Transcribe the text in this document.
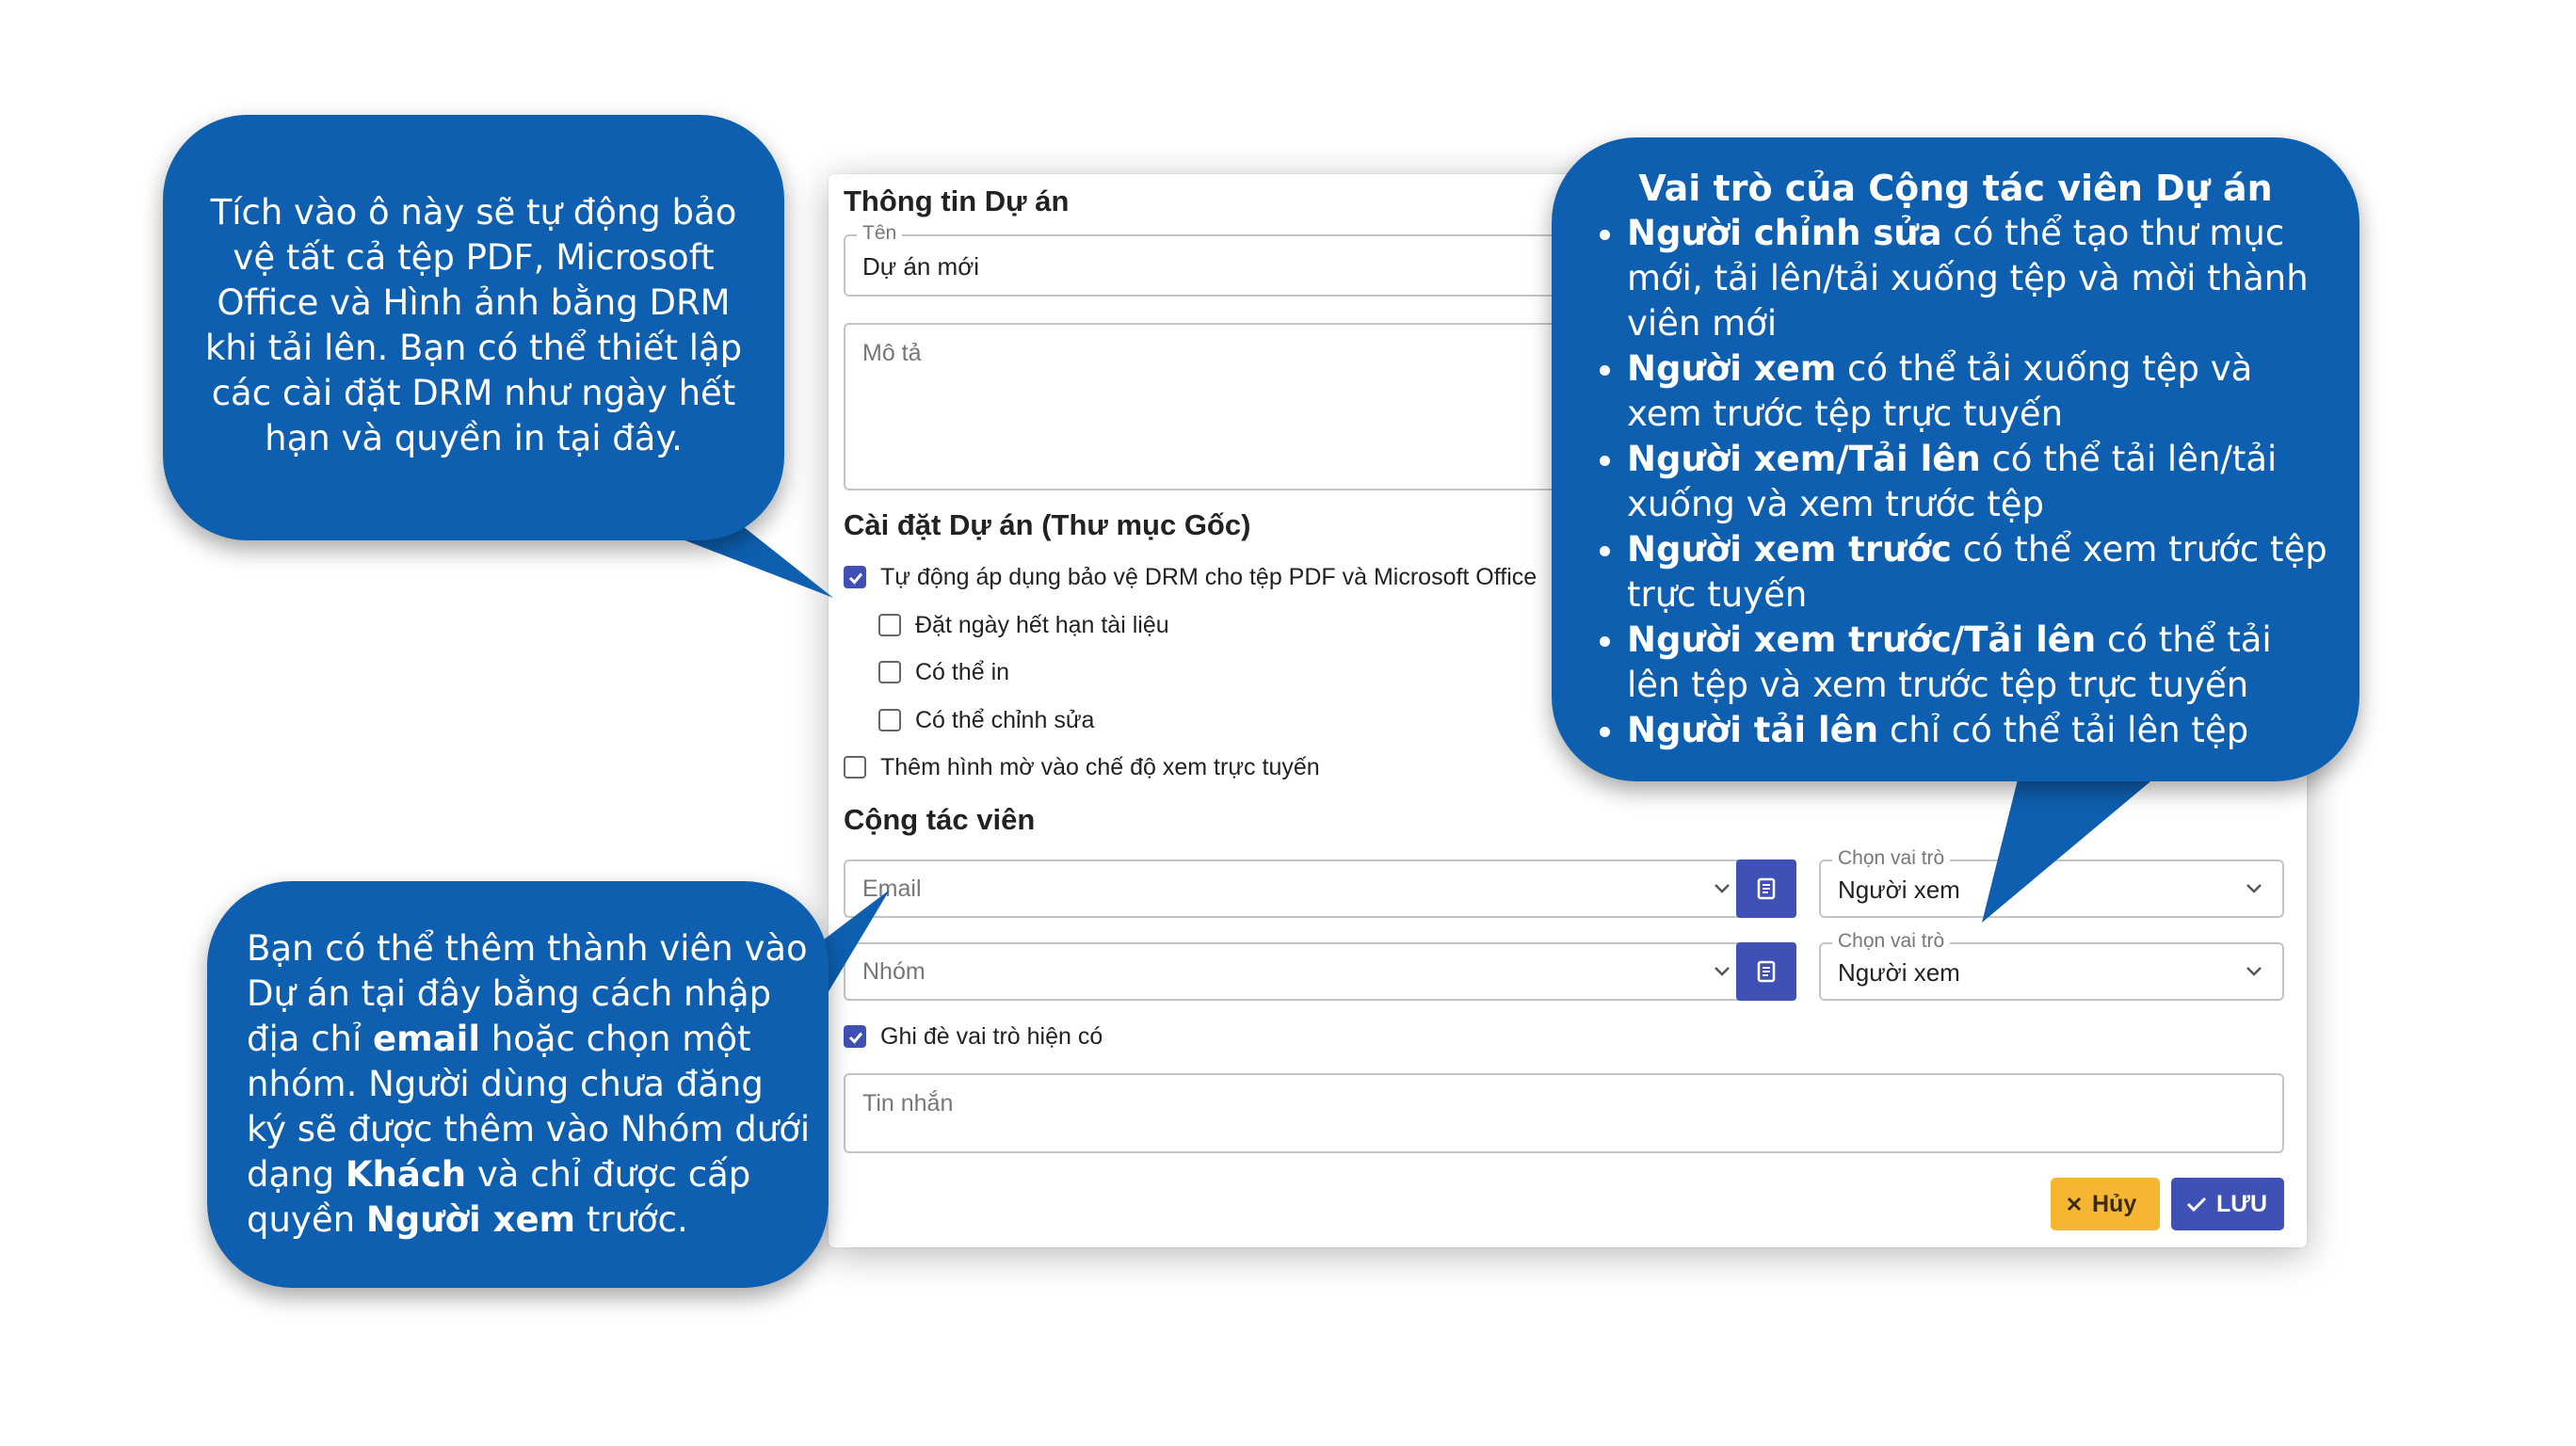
Thông tin Dự án
Tên
Dự án mới
Mô tả
Cài đặt Dự án (Thư mục Gốc)
Tự động áp dụng bảo vệ DRM cho tệp PDF và Microsoft Office
Đặt ngày hết hạn tài liệu
Có thể in
Có thể chỉnh sửa
Thêm hình mờ vào chế độ xem trực tuyến
Cộng tác viên
Email
Chọn vai trò
Người xem
Nhóm
Chọn vai trò
Người xem
Ghi đè vai trò hiện có
Tin nhắn
Hủy	LƯU
Tích vào ô này sẽ tự động bảo vệ tất cả tệp PDF, Microsoft Office và Hình ảnh bằng DRM khi tải lên. Bạn có thể thiết lập các cài đặt DRM như ngày hết hạn và quyền in tại đây.
Bạn có thể thêm thành viên vào Dự án tại đây bằng cách nhập địa chỉ email hoặc chọn một nhóm. Người dùng chưa đăng ký sẽ được thêm vào Nhóm dưới dạng Khách và chỉ được cấp quyền Người xem trước.
Vai trò của Cộng tác viên Dự án
• Người chỉnh sửa có thể tạo thư mục mới, tải lên/tải xuống tệp và mời thành viên mới
• Người xem có thể tải xuống tệp và xem trước tệp trực tuyến
• Người xem/Tải lên có thể tải lên/tải xuống và xem trước tệp
• Người xem trước có thể xem trước tệp trực tuyến
• Người xem trước/Tải lên có thể tải lên tệp và xem trước tệp trực tuyến
• Người tải lên chỉ có thể tải lên tệp
